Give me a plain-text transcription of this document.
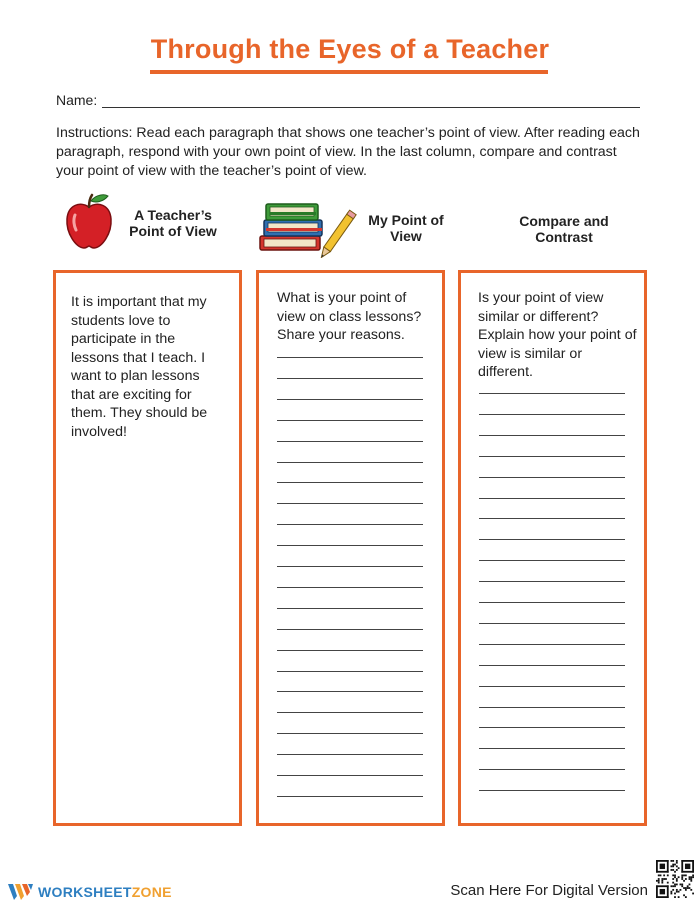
Through the Eyes of a Teacher
Name:
Instructions: Read each paragraph that shows one teacher’s point of view. After reading each paragraph, respond with your own point of view. In the last column, compare and contrast your point of view with the teacher’s point of view.
A Teacher’s
Point of View
My Point of
View
Compare and
Contrast
It is important that my students love to participate in the lessons that I teach. I want to plan lessons that are exciting for them. They should be involved!
What is your point of view on class lessons? Share your reasons.
Is your point of view similar or different? Explain how your point of view is similar or different.
WORKSHEETZONE	Scan Here For Digital Version
